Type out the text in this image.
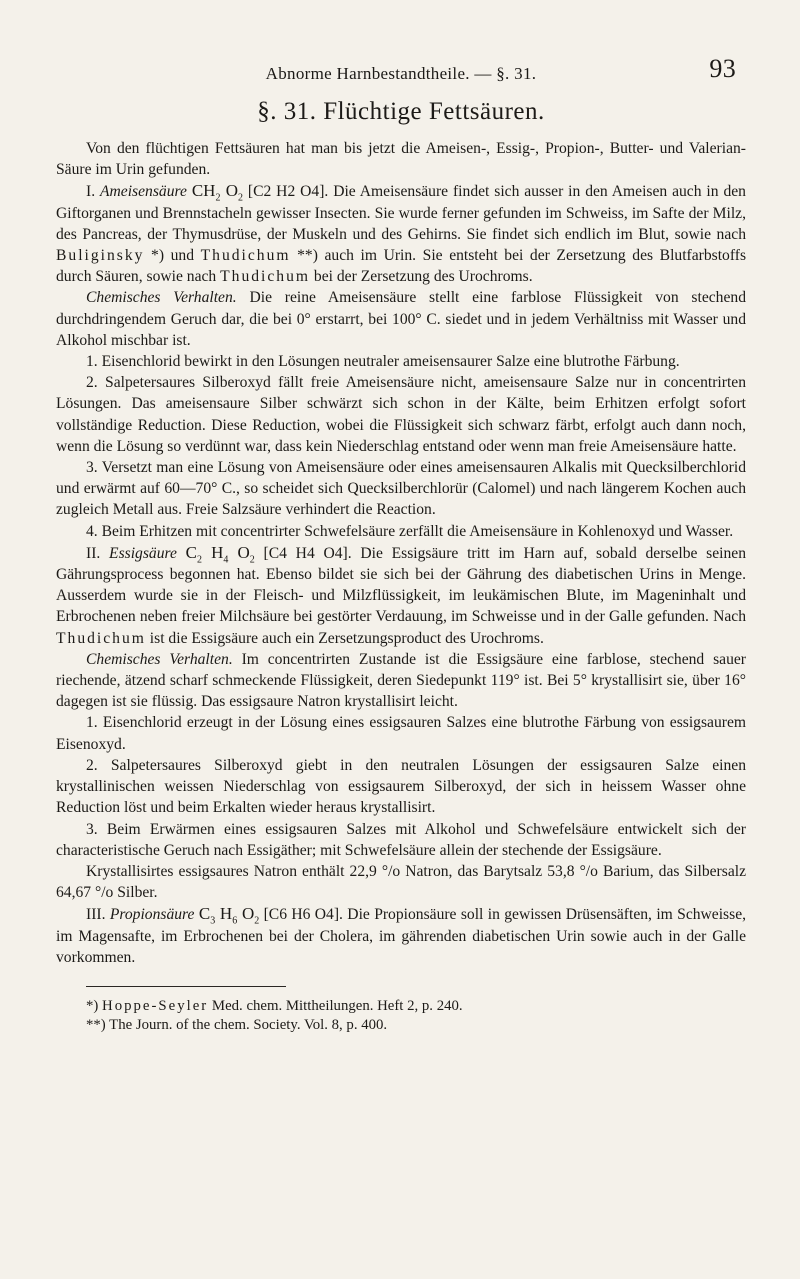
Abnorme Harnbestandtheile. — §. 31.	93
§. 31. Flüchtige Fettsäuren.

Von den flüchtigen Fettsäuren hat man bis jetzt die Ameisen-, Essig-, Propion-, Butter- und Valerian-Säure im Urin gefunden.

I. Ameisensäure $CH_2$ $O_2$ [C2 H2 O4]. Die Ameisensäure findet sich ausser in den Ameisen auch in den Giftorganen und Brennstacheln gewisser Insecten. Sie wurde ferner gefunden im Schweiss, im Safte der Milz, des Pancreas, der Thymusdrüse, der Muskeln und des Gehirns. Sie findet sich endlich im Blut, sowie nach Buliginsky *) und Thudichum **) auch im Urin. Sie entsteht bei der Zersetzung des Blutfarbstoffs durch Säuren, sowie nach Thudichum bei der Zersetzung des Urochroms.

Chemisches Verhalten. Die reine Ameisensäure stellt eine farblose Flüssigkeit von stechend durchdringendem Geruch dar, die bei 0° erstarrt, bei 100° C. siedet und in jedem Verhältniss mit Wasser und Alkohol mischbar ist.

1. Eisenchlorid bewirkt in den Lösungen neutraler ameisensaurer Salze eine blutrothe Färbung.

2. Salpetersaures Silberoxyd fällt freie Ameisensäure nicht, ameisensaure Salze nur in concentrirten Lösungen. Das ameisensaure Silber schwärzt sich schon in der Kälte, beim Erhitzen erfolgt sofort vollständige Reduction. Diese Reduction, wobei die Flüssigkeit sich schwarz färbt, erfolgt auch dann noch, wenn die Lösung so verdünnt war, dass kein Niederschlag entstand oder wenn man freie Ameisensäure hatte.

3. Versetzt man eine Lösung von Ameisensäure oder eines ameisensauren Alkalis mit Quecksilberchlorid und erwärmt auf 60—70° C., so scheidet sich Quecksilberchlorür (Calomel) und nach längerem Kochen auch zugleich Metall aus. Freie Salzsäure verhindert die Reaction.

4. Beim Erhitzen mit concentrirter Schwefelsäure zerfällt die Ameisensäure in Kohlenoxyd und Wasser.

II. Essigsäure $C_2$ $H_4$ $O_2$ [C4 H4 O4]. Die Essigsäure tritt im Harn auf, sobald derselbe seinen Gährungsprocess begonnen hat. Ebenso bildet sie sich bei der Gährung des diabetischen Urins in Menge. Ausserdem wurde sie in der Fleisch- und Milzflüssigkeit, im leukämischen Blute, im Mageninhalt und Erbrochenen neben freier Milchsäure bei gestörter Verdauung, im Schweisse und in der Galle gefunden. Nach Thudichum ist die Essigsäure auch ein Zersetzungsproduct des Urochroms.

Chemisches Verhalten. Im concentrirten Zustande ist die Essigsäure eine farblose, stechend sauer riechende, ätzend scharf schmeckende Flüssigkeit, deren Siedepunkt 119° ist. Bei 5° krystallisirt sie, über 16° dagegen ist sie flüssig. Das essigsaure Natron krystallisirt leicht.

1. Eisenchlorid erzeugt in der Lösung eines essigsauren Salzes eine blutrothe Färbung von essigsaurem Eisenoxyd.

2. Salpetersaures Silberoxyd giebt in den neutralen Lösungen der essigsauren Salze einen krystallinischen weissen Niederschlag von essigsaurem Silberoxyd, der sich in heissem Wasser ohne Reduction löst und beim Erkalten wieder heraus krystallisirt.

3. Beim Erwärmen eines essigsauren Salzes mit Alkohol und Schwefelsäure entwickelt sich der characteristische Geruch nach Essigäther; mit Schwefelsäure allein der stechende der Essigsäure.

Krystallisirtes essigsaures Natron enthält 22,9 °/o Natron, das Barytsalz 53,8 °/o Barium, das Silbersalz 64,67 °/o Silber.

III. Propionsäure $C_3$ $H_6$ $O_2$ [C6 H6 O4]. Die Propionsäure soll in gewissen Drüsensäften, im Schweisse, im Magensafte, im Erbrochenen bei der Cholera, im gährenden diabetischen Urin sowie auch in der Galle vorkommen.

*) Hoppe-Seyler Med. chem. Mittheilungen. Heft 2, p. 240.

**) The Journ. of the chem. Society. Vol. 8, p. 400.
